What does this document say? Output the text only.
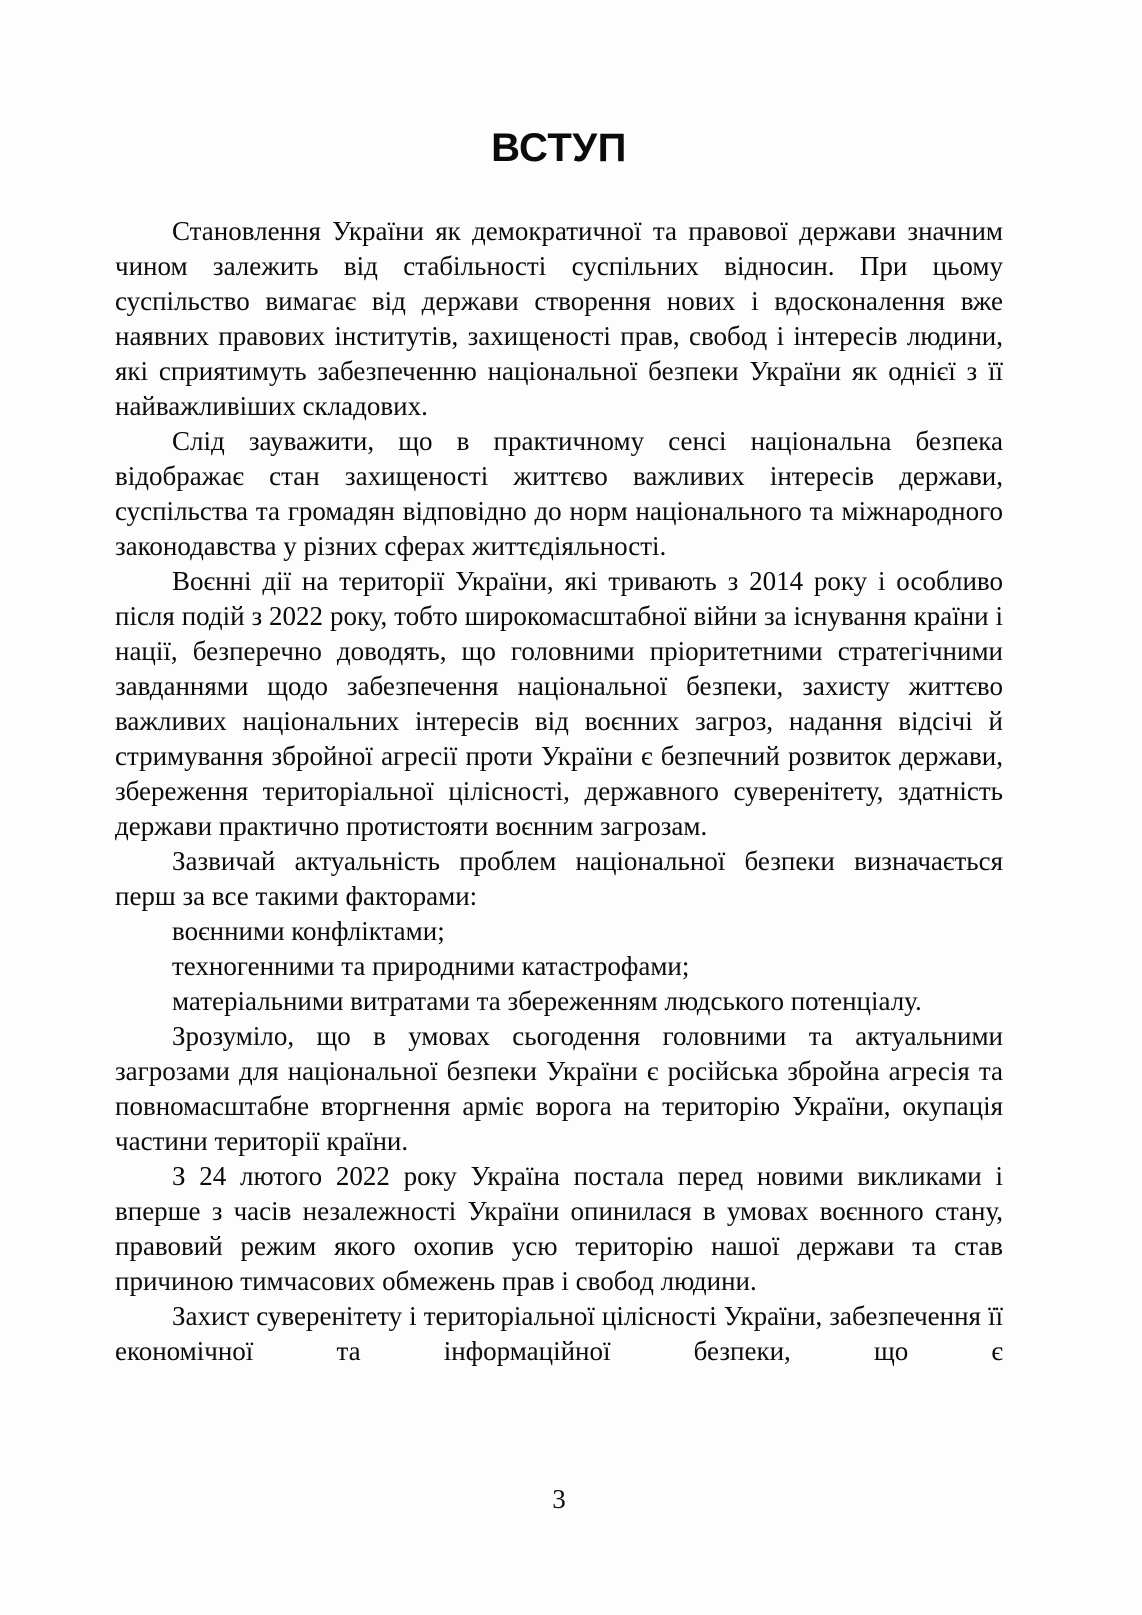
ВСТУП

Становлення України як демократичної та правової держави значним чином залежить від стабільності суспільних відносин. При цьому суспільство вимагає від держави створення нових і вдосконалення вже наявних правових інститутів, захищеності прав, свобод і інтересів людини, які сприятимуть забезпеченню національної безпеки України як однієї з її найважливіших складових.

Слід зауважити, що в практичному сенсі національна безпека відображає стан захищеності життєво важливих інтересів держави, суспільства та громадян відповідно до норм національного та міжнародного законодавства у різних сферах життєдіяльності.

Воєнні дії на території України, які тривають з 2014 року і особливо після подій з 2022 року, тобто широкомасштабної війни за існування країни і нації, безперечно доводять, що головними пріоритетними стратегічними завданнями щодо забезпечення національної безпеки, захисту життєво важливих національних інтересів від воєнних загроз, надання відсічі й стримування збройної агресії проти України є безпечний розвиток держави, збереження територіальної цілісності, державного суверенітету, здатність держави практично протистояти воєнним загрозам.

Зазвичай актуальність проблем національної безпеки визначається перш за все такими факторами:

воєнними конфліктами;

техногенними та природними катастрофами;

матеріальними витратами та збереженням людського потенціалу.

Зрозуміло, що в умовах сьогодення головними та актуальними загрозами для національної безпеки України є російська збройна агресія та повномасштабне вторгнення арміє ворога на територію України, окупація частини території країни.

З 24 лютого 2022 року Україна постала перед новими викликами і вперше з часів незалежності України опинилася в умовах воєнного стану, правовий режим якого охопив усю територію нашої держави та став причиною тимчасових обмежень прав і свобод людини.

Захист суверенітету і територіальної цілісності України, забезпечення її економічної та інформаційної безпеки, що є

3
